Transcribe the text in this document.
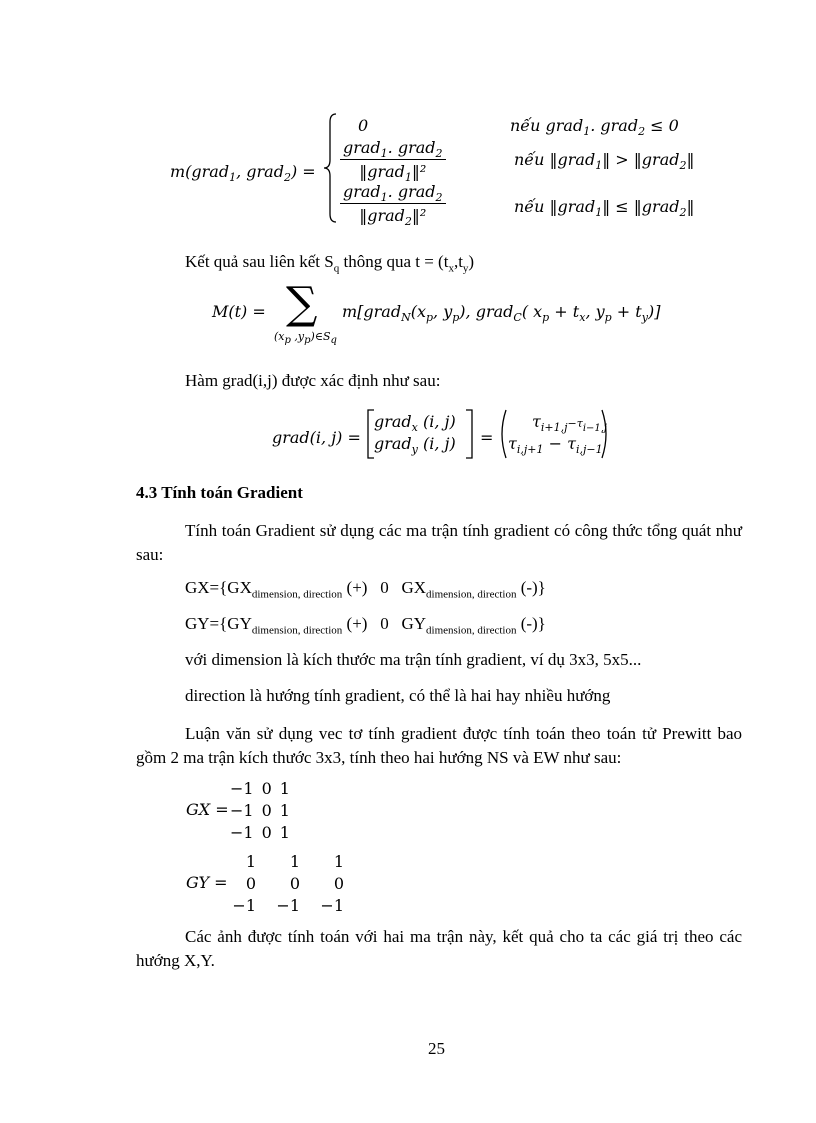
m(grad$_1$, grad$_2$) =
0	nếu grad$_1$. grad$_2$ ≤ 0
$\frac{grad_1. grad_2}{‖grad_1‖^2}$	nếu ‖grad$_1$‖ > ‖grad$_2$‖
$\frac{grad_1. grad_2}{‖grad_2‖^2}$	nếu ‖grad$_1$‖ ≤ ‖grad$_2$‖
Kết quả sau liên kết $S_q$ thông qua $t = (t_x,t_y)$
M(t) = ∑
($x_p$ $,y_p)\in S_q$
$m[grad_N(x_p$, $y_p$), grad$_C$( $x_p + t_x$, $y_p + t_y$)]
Hàm grad(i,j) được xác định như sau:
grad(i, j) =
grad$_x$ (i, j)
grad$_y$ (i, j) =
$\tau_{i+1,j}-\tau_{i-1,j}$
$\tau_{i,j+1} - \tau_{i,j-1}$
4.3 Tính toán Gradient
Tính toán Gradient sử dụng các ma trận tính gradient có công thức tổng quát như sau:
$GX=\{GX_{dimension, direction}$ (+)   0   $GX_{dimension, direction}$ (-)}
$GY=\{GY_{dimension, direction}$ (+)   0   $GY_{dimension, direction}$ (-)}
với dimension là kích thước ma trận tính gradient, ví dụ 3x3, 5x5...
direction là hướng tính gradient, có thể là hai hay nhiều hướng
Luận văn sử dụng vec tơ tính gradient được tính toán theo toán tử Prewitt bao gồm 2 ma trận kích thước 3x3, tính theo hai hướng NS và EW như sau:
GX =
−1	0	1
−1	0	1
−1	0	1
GY =
1	1	1
0	0	0
−1	−1	−1
Các ảnh được tính toán với hai ma trận này, kết quả cho ta các giá trị theo các hướng X,Y.
25
